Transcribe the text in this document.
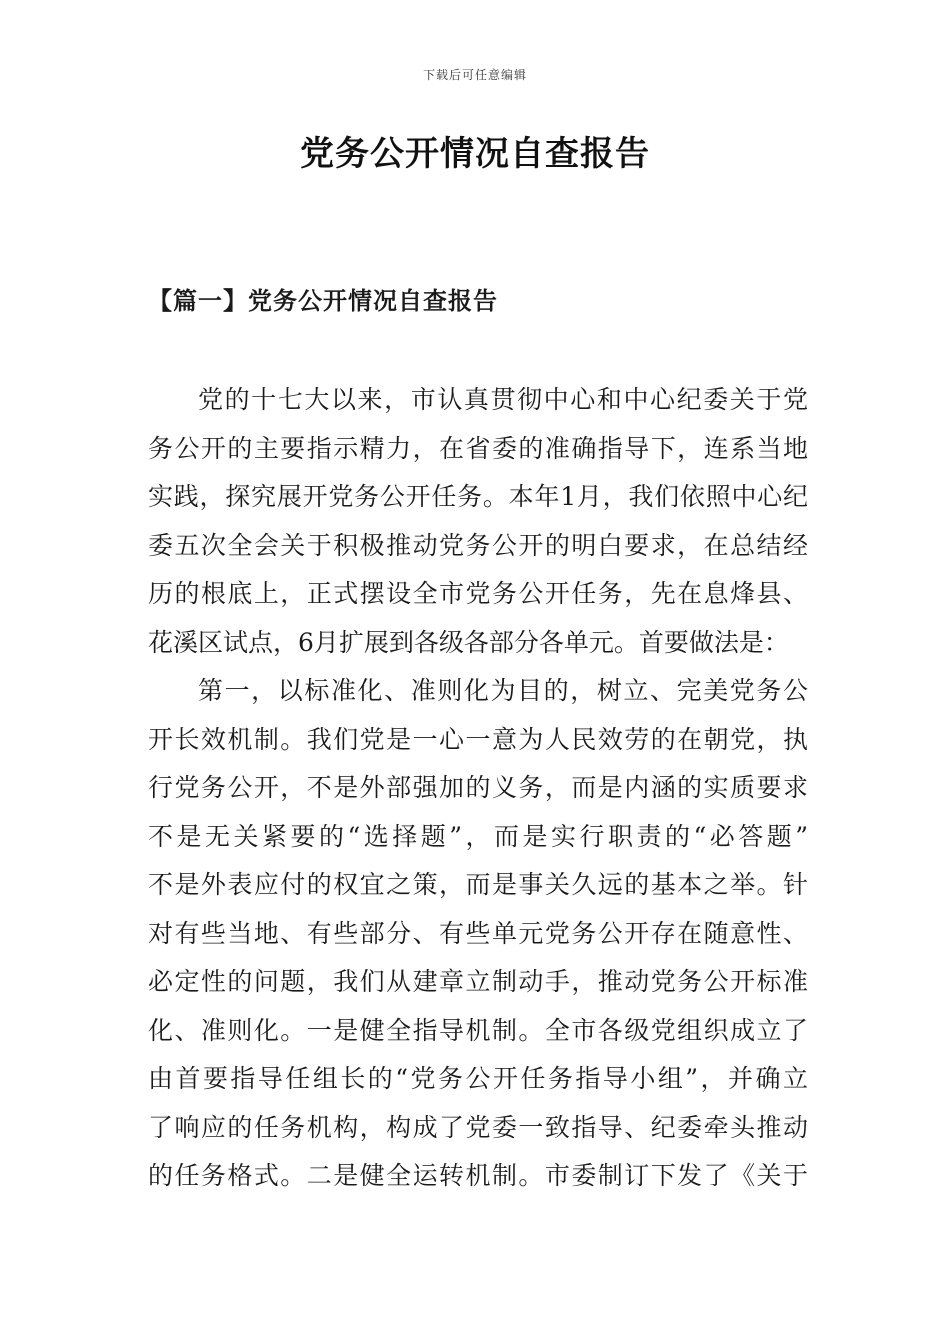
下载后可任意编辑
党务公开情况自查报告
【篇一】党务公开情况自查报告
党的十七大以来，市认真贯彻中心和中心纪委关于党
务公开的主要指示精力，在省委的准确指导下，连系当地
实践，探究展开党务公开任务。本年1月，我们依照中心纪
委五次全会关于积极推动党务公开的明白要求，在总结经
历的根底上，正式摆设全市党务公开任务，先在息烽县、
花溪区试点，6月扩展到各级各部分各单元。首要做法是：
第一，以标准化、准则化为目的，树立、完美党务公
开长效机制。我们党是一心一意为人民效劳的在朝党，执
行党务公开，不是外部强加的义务，而是内涵的实质要求
不是无关紧要的“选择题”，而是实行职责的“必答题”
不是外表应付的权宜之策，而是事关久远的基本之举。针
对有些当地、有些部分、有些单元党务公开存在随意性、
必定性的问题，我们从建章立制动手，推动党务公开标准
化、准则化。一是健全指导机制。全市各级党组织成立了
由首要指导任组长的“党务公开任务指导小组”，并确立
了响应的任务机构，构成了党委一致指导、纪委牵头推动
的任务格式。二是健全运转机制。市委制订下发了《关于
